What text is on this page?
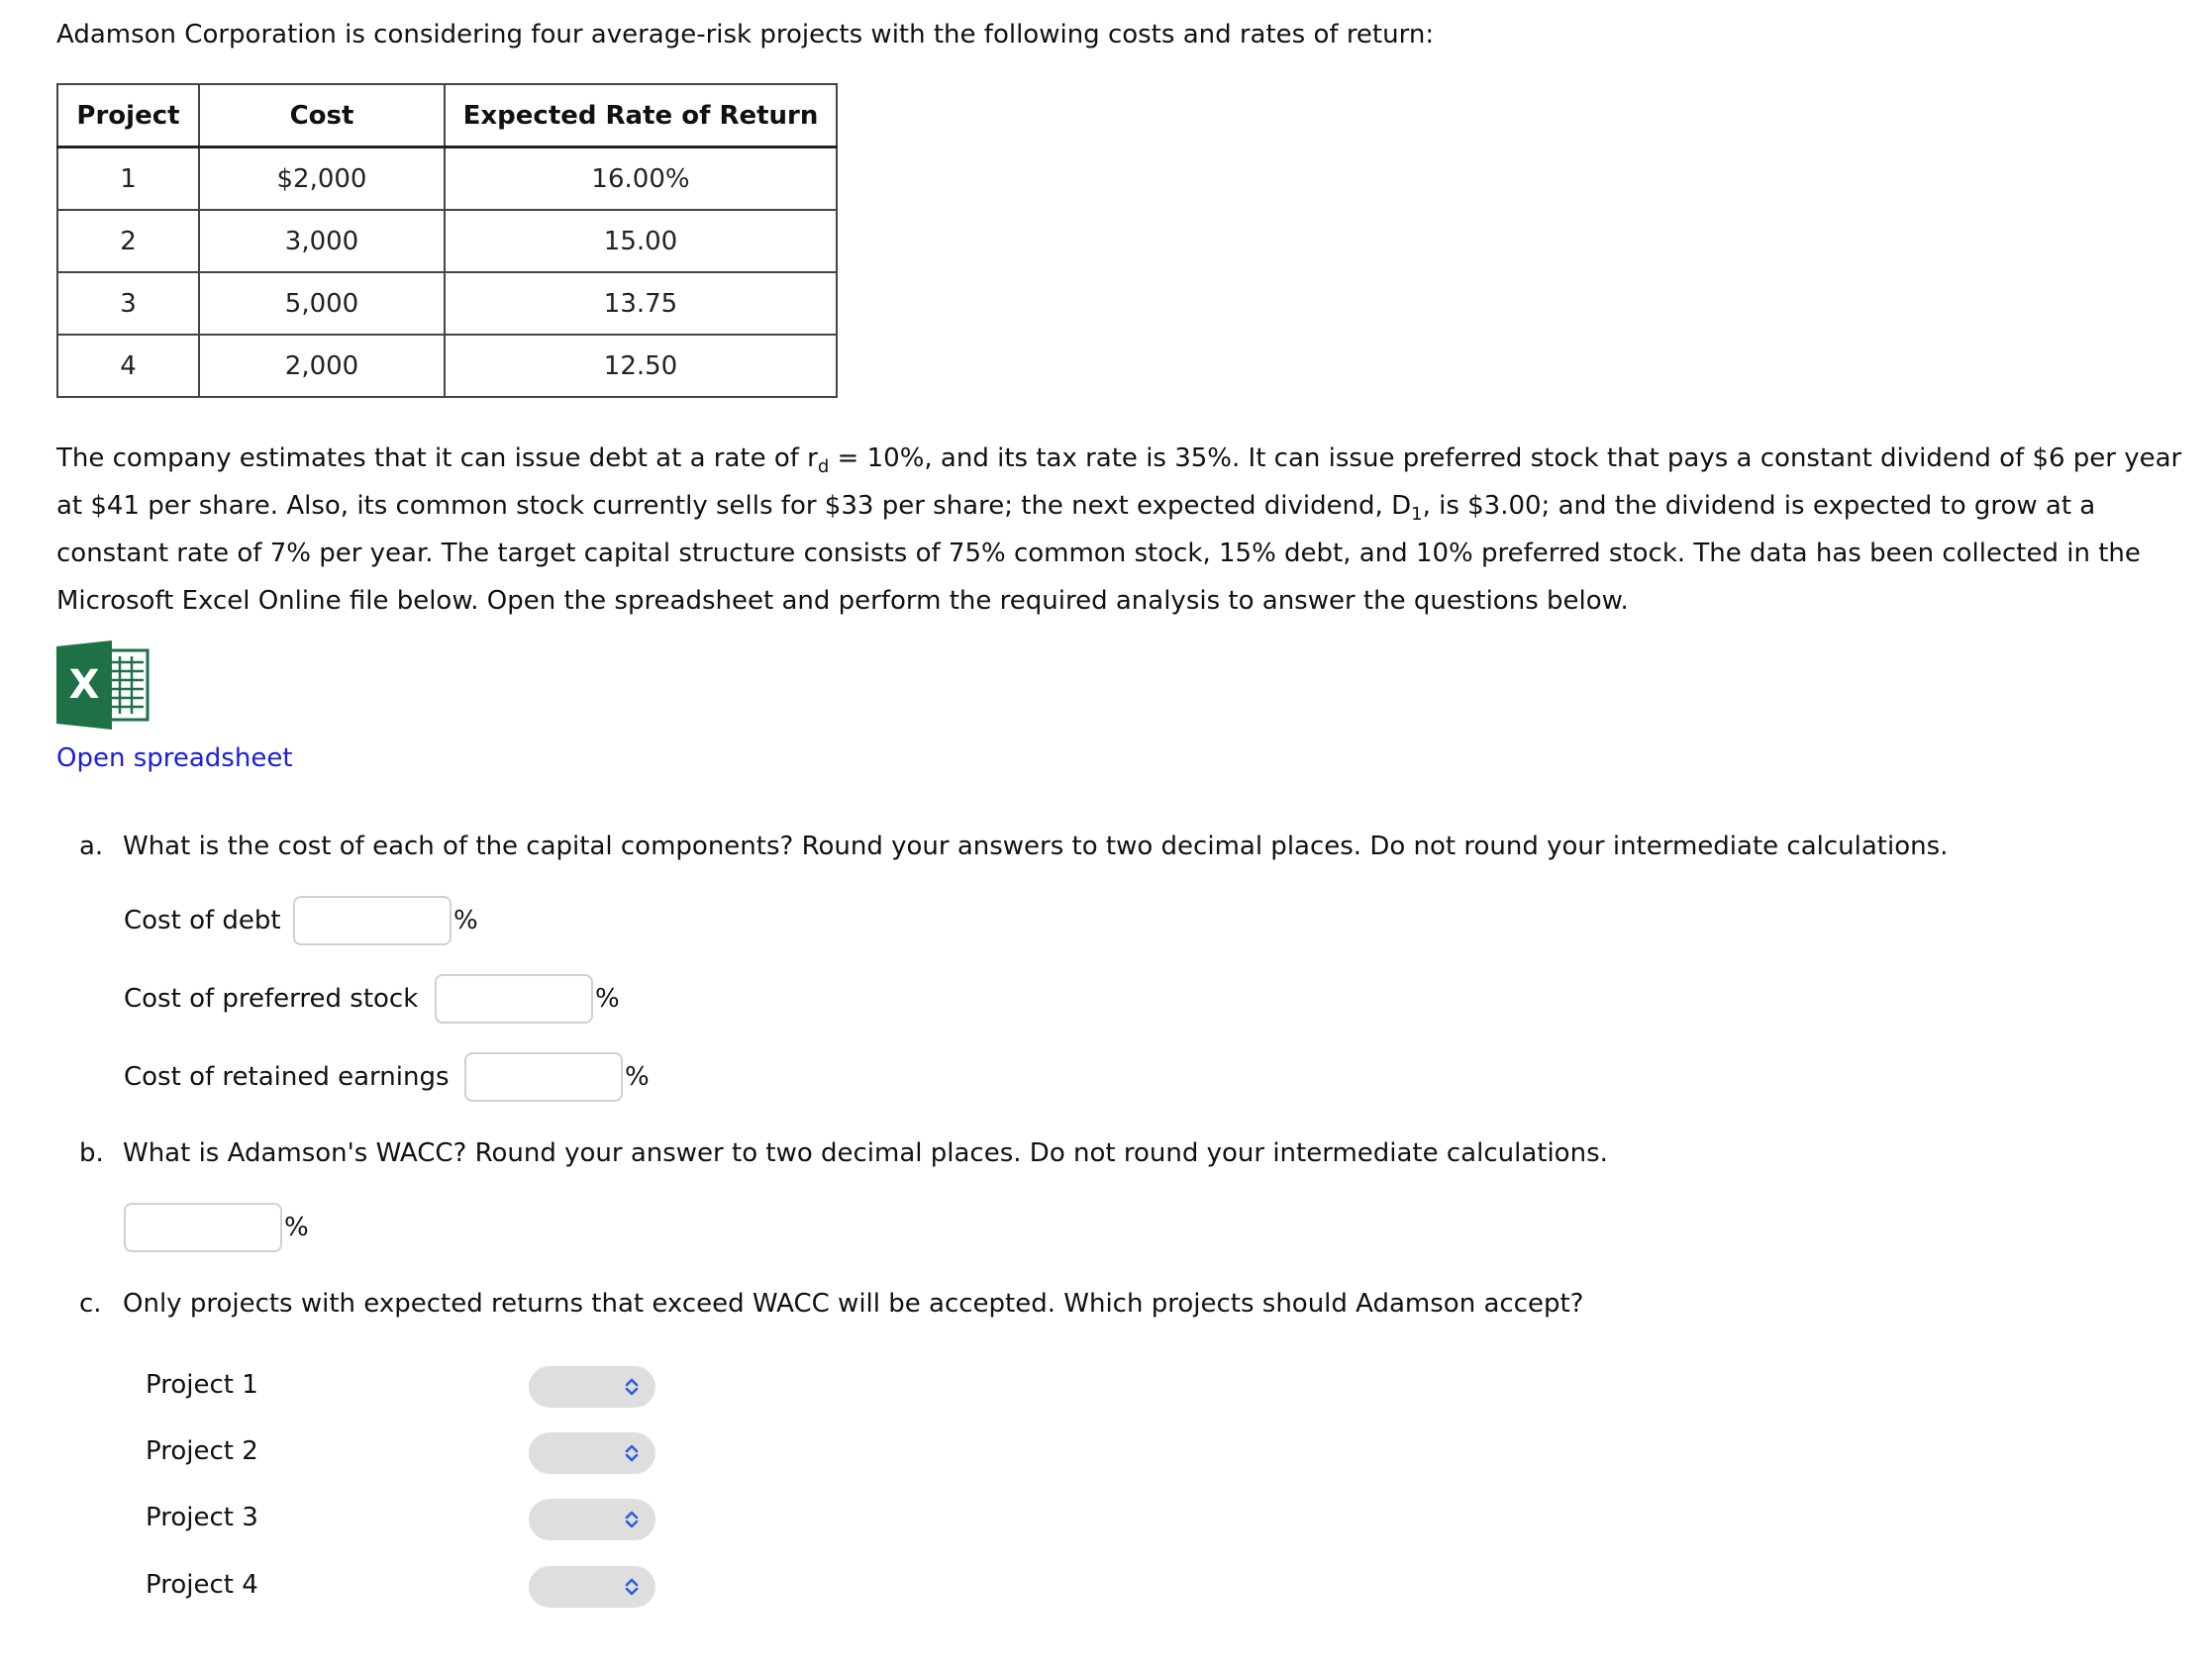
Adamson Corporation is considering four average-risk projects with the following costs and rates of return:
Project	Cost	Expected Rate of Return
1	$2,000	16.00%
2	3,000	15.00
3	5,000	13.75
4	2,000	12.50
The company estimates that it can issue debt at a rate of $r_d = 10\%$, and its tax rate is 35%. It can issue preferred stock that pays a constant dividend of $6 per year at $41 per share. Also, its common stock currently sells for $33 per share; the next expected dividend, $D_1$, is $3.00; and the dividend is expected to grow at a constant rate of 7% per year. The target capital structure consists of 75% common stock, 15% debt, and 10% preferred stock. The data has been collected in the Microsoft Excel Online file below. Open the spreadsheet and perform the required analysis to answer the questions below.
X
Open spreadsheet
a. What is the cost of each of the capital components? Round your answers to two decimal places. Do not round your intermediate calculations.
Cost of debt	%
Cost of preferred stock	%
Cost of retained earnings	%
b. What is Adamson's WACC? Round your answer to two decimal places. Do not round your intermediate calculations.
%
c. Only projects with expected returns that exceed WACC will be accepted. Which projects should Adamson accept?
Project 1
Project 2
Project 3
Project 4
